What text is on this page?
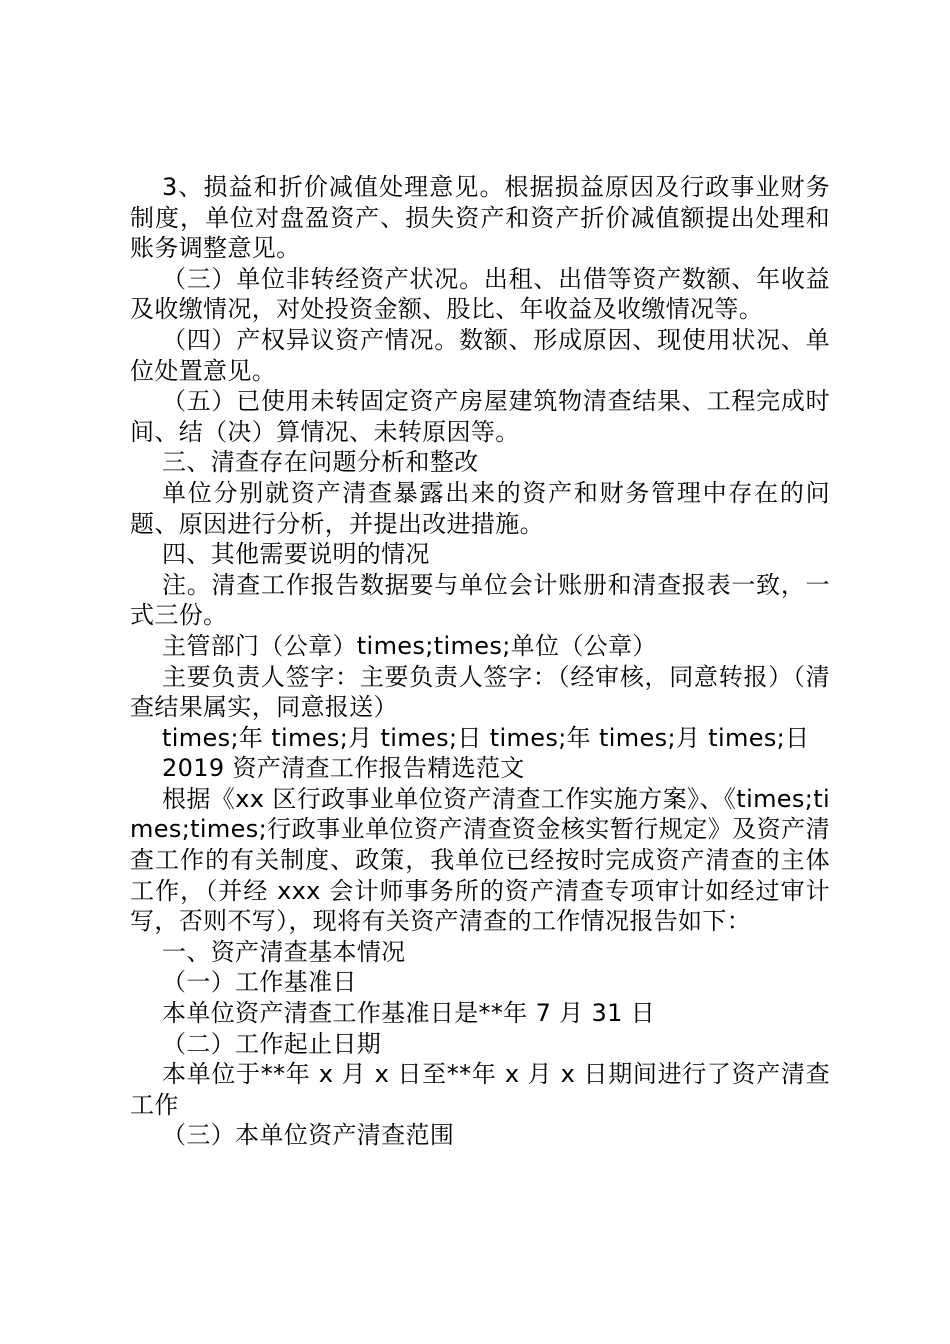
3、损益和折价减值处理意见。根据损益原因及行政事业财务制度，单位对盘盈资产、损失资产和资产折价减值额提出处理和账务调整意见。

（三）单位非转经资产状况。出租、出借等资产数额、年收益及收缴情况，对处投资金额、股比、年收益及收缴情况等。

（四）产权异议资产情况。数额、形成原因、现使用状况、单位处置意见。

（五）已使用未转固定资产房屋建筑物清查结果、工程完成时间、结（决）算情况、未转原因等。

三、清查存在问题分析和整改

单位分别就资产清查暴露出来的资产和财务管理中存在的问题、原因进行分析，并提出改进措施。

四、其他需要说明的情况

注。清查工作报告数据要与单位会计账册和清查报表一致，一式三份。

主管部门（公章）times;times;单位（公章）

主要负责人签字：主要负责人签字：（经审核，同意转报）（清查结果属实，同意报送）

times;年 times;月 times;日 times;年 times;月 times;日

2019 资产清查工作报告精选范文

根据《xx 区行政事业单位资产清查工作实施方案》、《times;times;times;行政事业单位资产清查资金核实暂行规定》及资产清查工作的有关制度、政策，我单位已经按时完成资产清查的主体工作，（并经 xxx 会计师事务所的资产清查专项审计如经过审计写，否则不写），现将有关资产清查的工作情况报告如下：

一、资产清查基本情况

（一）工作基准日

本单位资产清查工作基准日是**年 7 月 31 日

（二）工作起止日期

本单位于**年 x 月 x 日至**年 x 月 x 日期间进行了资产清查工作

（三）本单位资产清查范围
